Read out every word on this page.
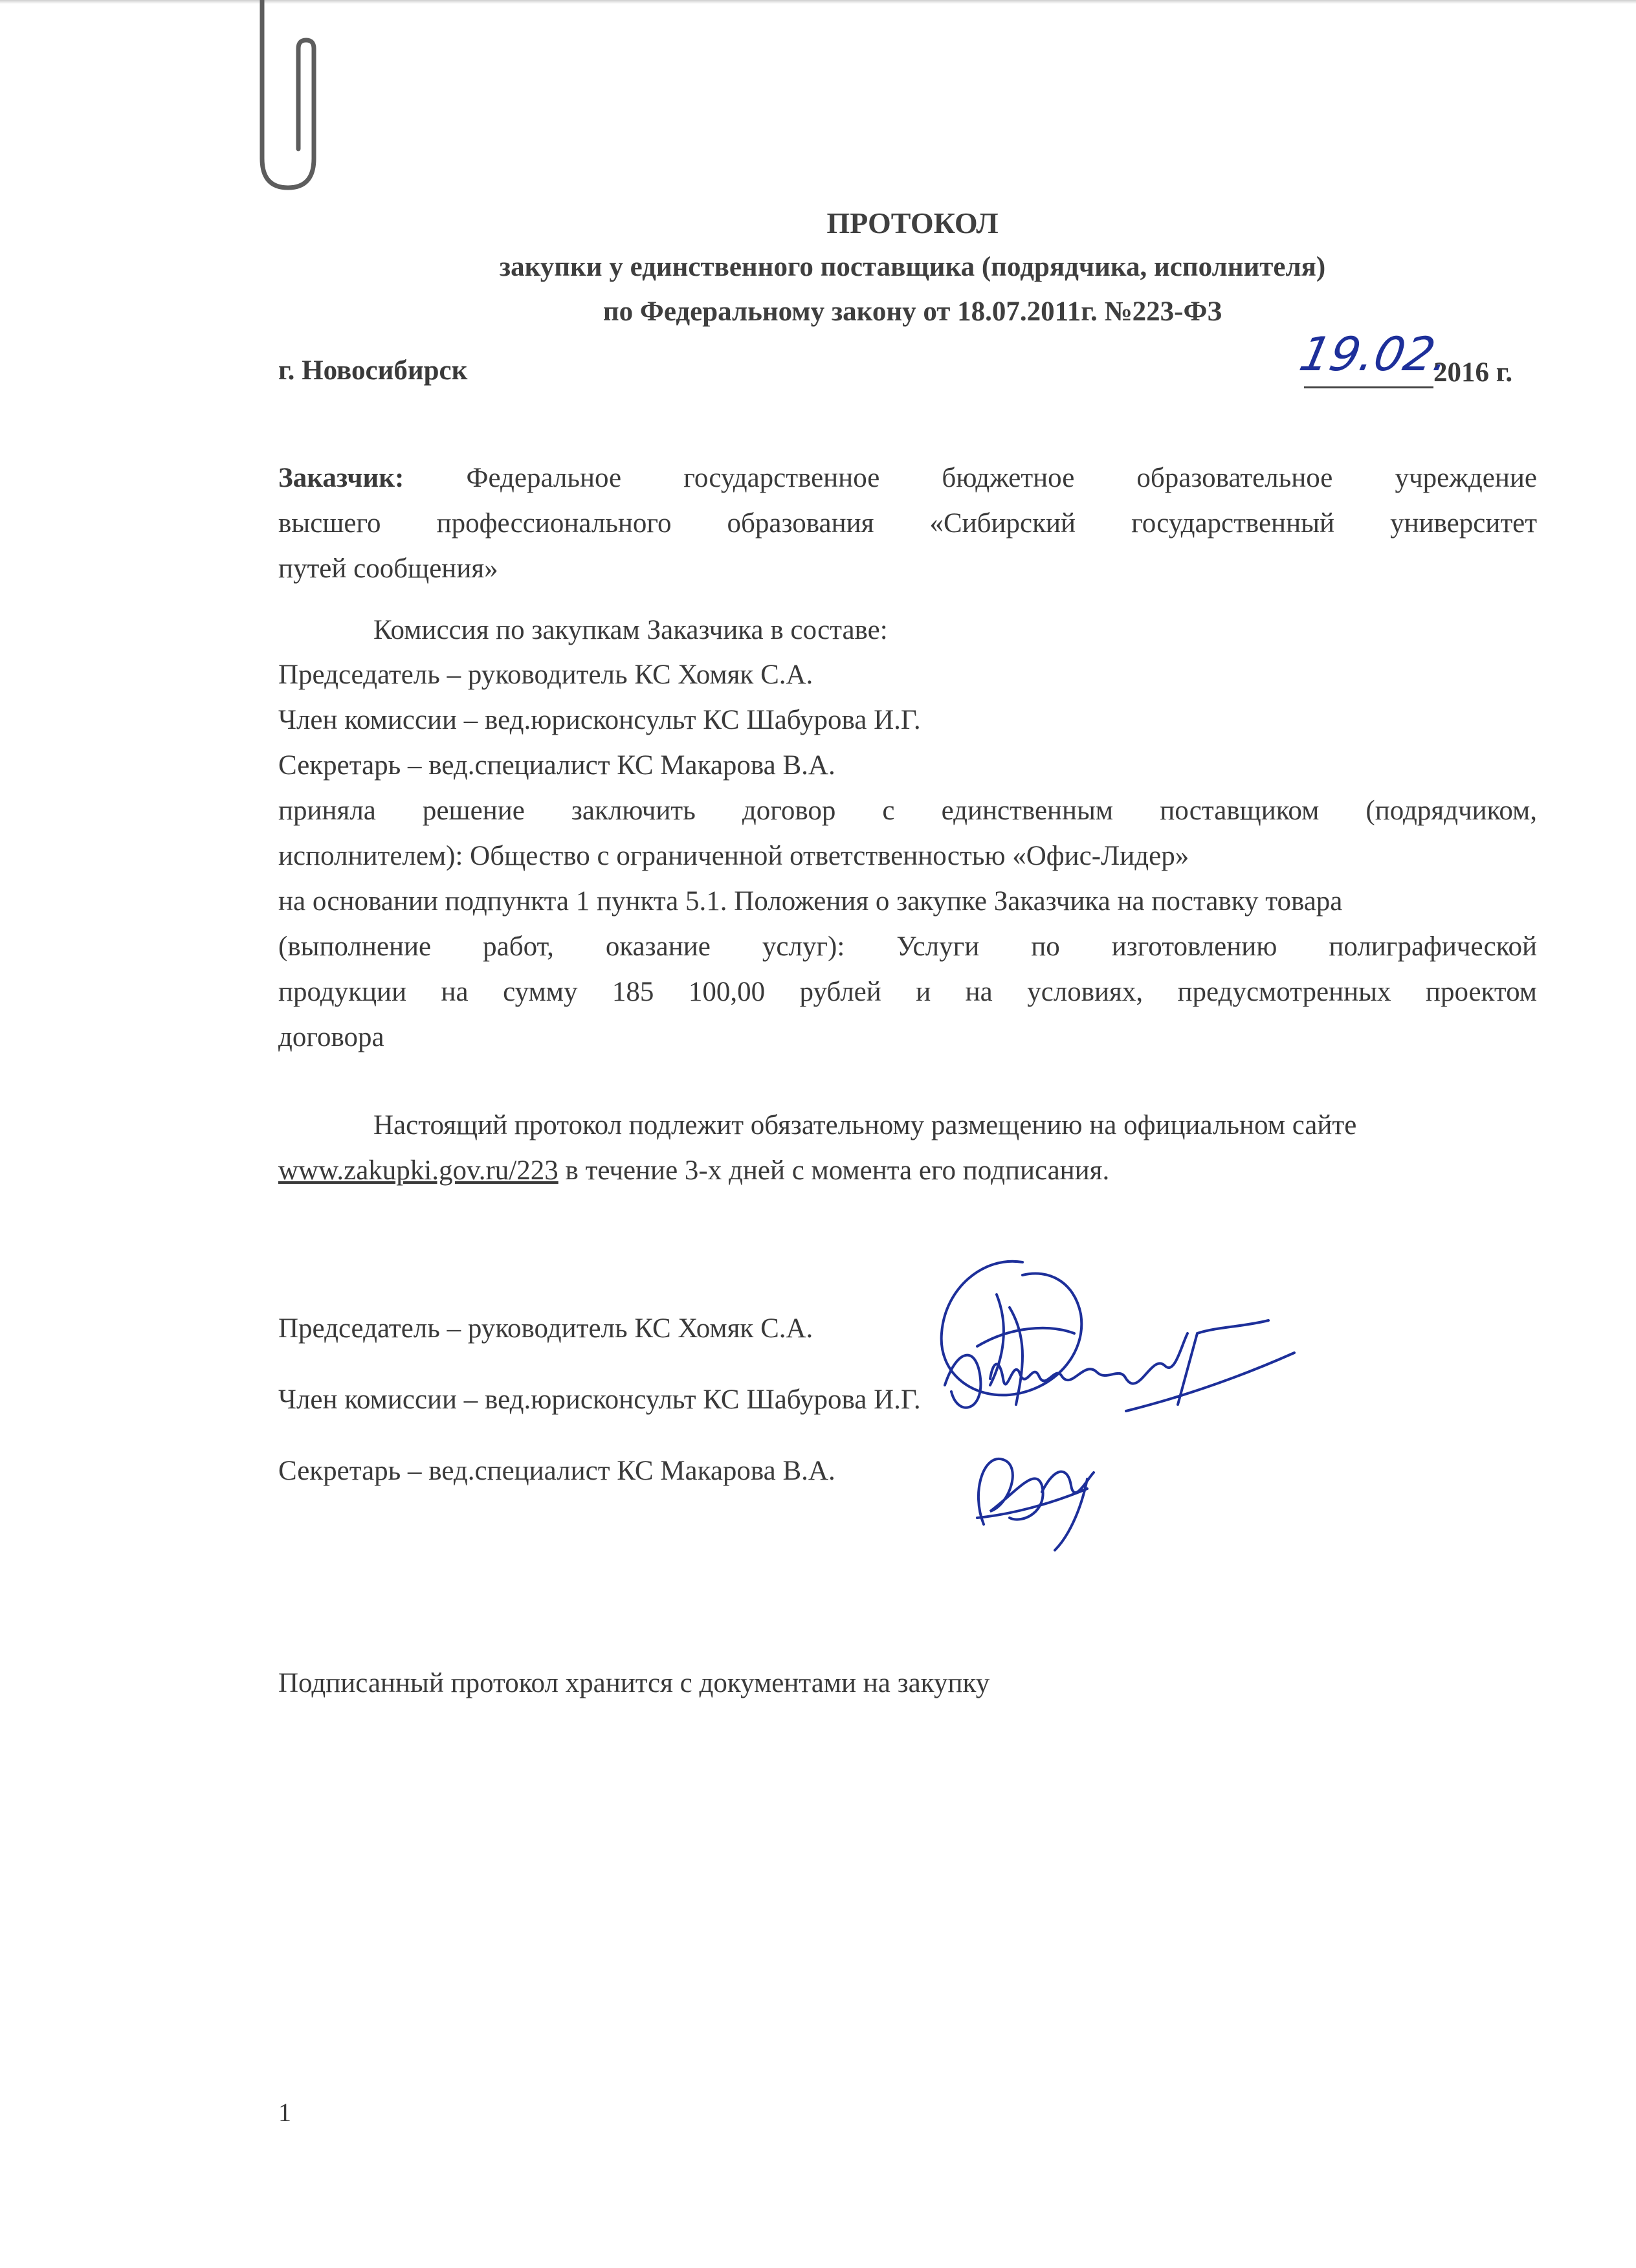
ПРОТОКОЛ
закупки у единственного поставщика (подрядчика, исполнителя)
по Федеральному закону от 18.07.2011г. №223-ФЗ
г. Новосибирск	19.02.
2016 г.
Заказчик: Федеральное государственное бюджетное образовательное учреждение
высшего профессионального образования «Сибирский государственный университет
путей сообщения»
Комиссия по закупкам Заказчика в составе:
Председатель – руководитель КС Хомяк С.А.
Член комиссии – вед.юрисконсульт КС Шабурова И.Г.
Секретарь – вед.специалист КС Макарова В.А.
приняла решение заключить договор с единственным поставщиком (подрядчиком,
исполнителем): Общество с ограниченной ответственностью «Офис-Лидер»
на основании подпункта 1 пункта 5.1. Положения о закупке Заказчика на поставку товара
(выполнение работ, оказание услуг): Услуги по изготовлению полиграфической
продукции на сумму 185 100,00 рублей и на условиях, предусмотренных проектом
договора
Настоящий протокол подлежит обязательному размещению на официальном сайте
www.zakupki.gov.ru/223 в течение 3-х дней с момента его подписания.
Председатель – руководитель КС Хомяк С.А.
Член комиссии – вед.юрисконсульт КС Шабурова И.Г.
Секретарь – вед.специалист КС Макарова В.А.
Подписанный протокол хранится с документами на закупку
1
